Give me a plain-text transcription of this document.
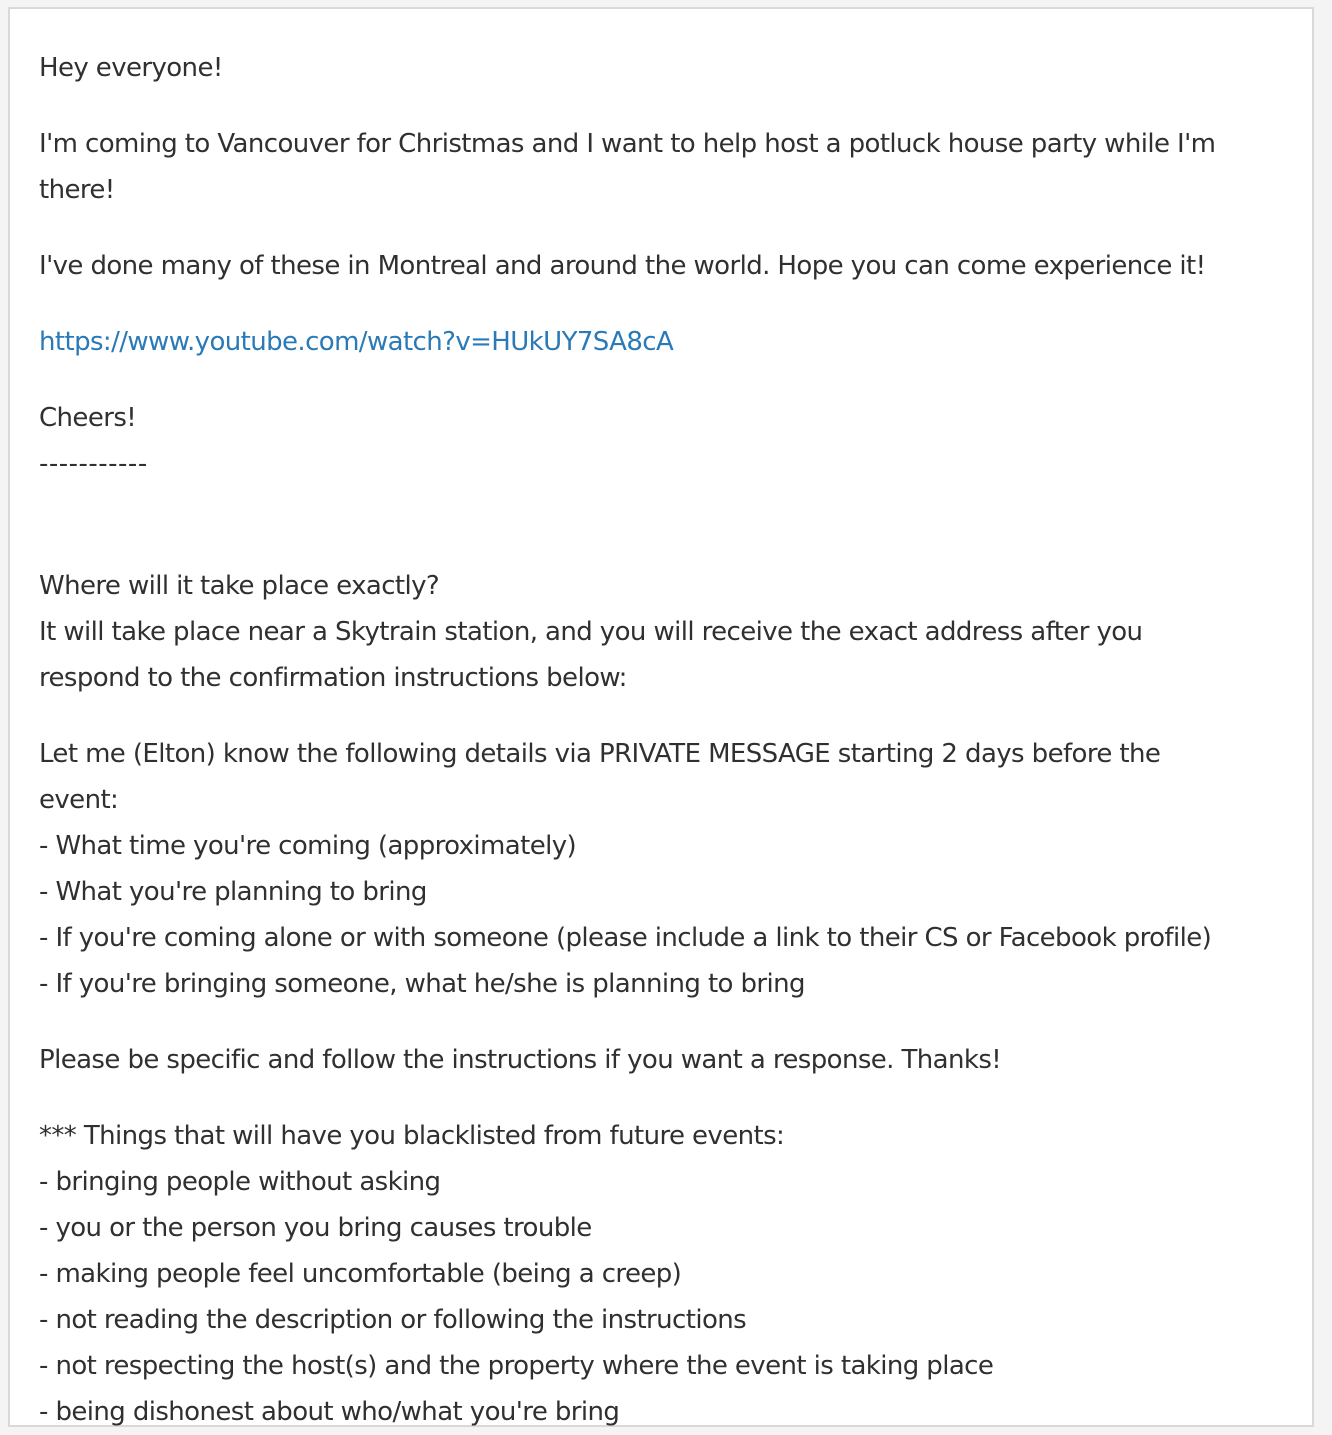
Hey everyone!

I'm coming to Vancouver for Christmas and I want to help host a potluck house party while I'm
there!

I've done many of these in Montreal and around the world. Hope you can come experience it!

https://www.youtube.com/watch?v=HUkUY7SA8cA

Cheers!
-----------

Where will it take place exactly?
It will take place near a Skytrain station, and you will receive the exact address after you
respond to the confirmation instructions below:

Let me (Elton) know the following details via PRIVATE MESSAGE starting 2 days before the
event:
- What time you're coming (approximately)
- What you're planning to bring
- If you're coming alone or with someone (please include a link to their CS or Facebook profile)
- If you're bringing someone, what he/she is planning to bring

Please be specific and follow the instructions if you want a response. Thanks!

*** Things that will have you blacklisted from future events:
- bringing people without asking
- you or the person you bring causes trouble
- making people feel uncomfortable (being a creep)
- not reading the description or following the instructions
- not respecting the host(s) and the property where the event is taking place
- being dishonest about who/what you're bring
